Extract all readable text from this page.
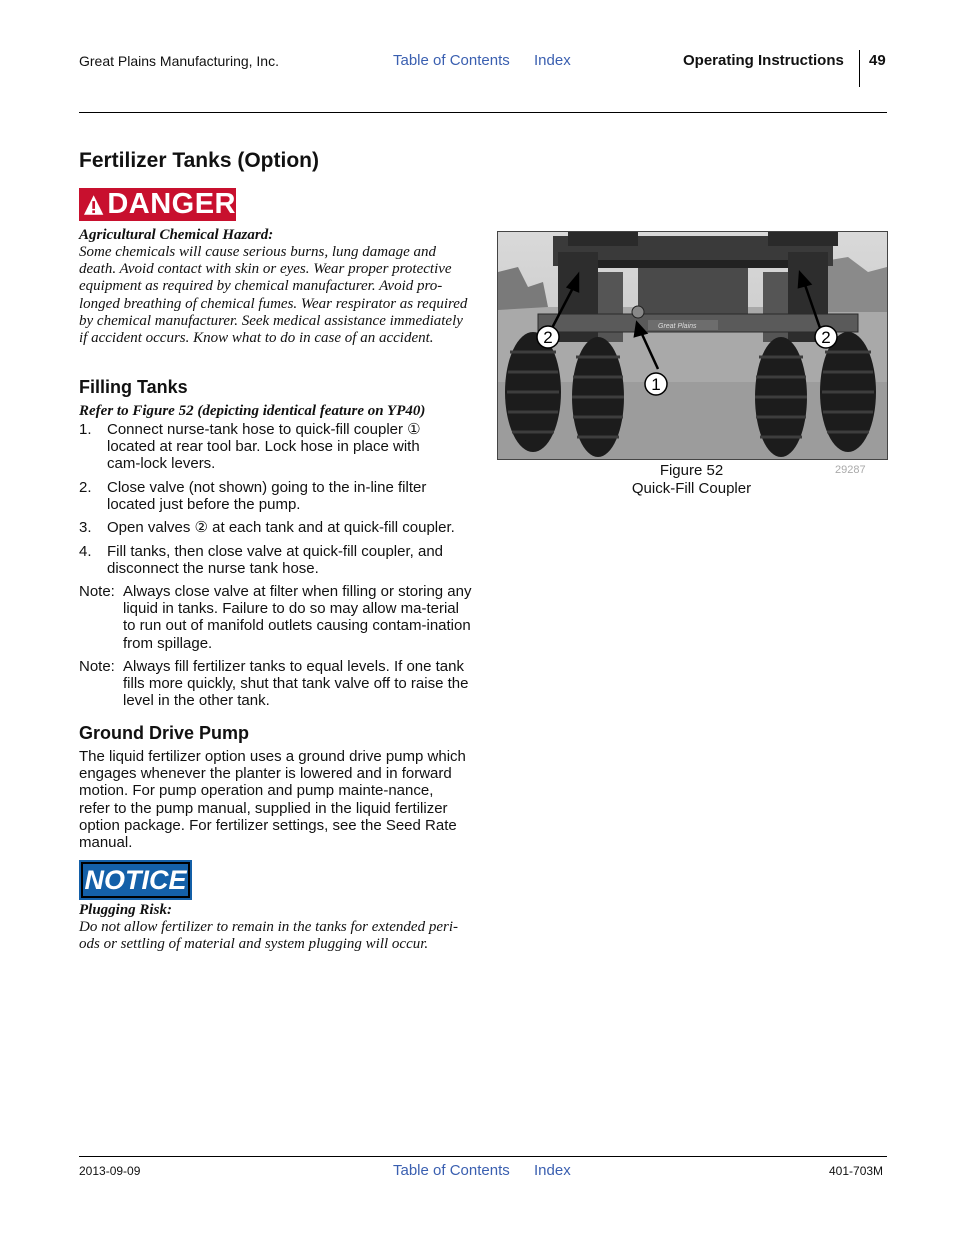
Great Plains Manufacturing, Inc.	Table of Contents Index	Operating Instructions 49
Fertilizer Tanks (Option)
DANGER
Agricultural Chemical Hazard:
Some chemicals will cause serious burns, lung damage and death. Avoid contact with skin or eyes. Wear proper protective equipment as required by chemical manufacturer. Avoid pro-longed breathing of chemical fumes. Wear respirator as required by chemical manufacturer. Seek medical assistance immediately if accident occurs. Know what to do in case of an accident.
Filling Tanks
Refer to Figure 52 (depicting identical feature on YP40)
1. Connect nurse-tank hose to quick-fill coupler ① located at rear tool bar. Lock hose in place with cam-lock levers.
2. Close valve (not shown) going to the in-line filter located just before the pump.
3. Open valves ② at each tank and at quick-fill coupler.
4. Fill tanks, then close valve at quick-fill coupler, and disconnect the nurse tank hose.
Note: Always close valve at filter when filling or storing any liquid in tanks. Failure to do so may allow ma-terial to run out of manifold outlets causing contam-ination from spillage.
Note: Always fill fertilizer tanks to equal levels. If one tank fills more quickly, shut that tank valve off to raise the level in the other tank.
Ground Drive Pump
The liquid fertilizer option uses a ground drive pump which engages whenever the planter is lowered and in forward motion. For pump operation and pump mainte-nance, refer to the pump manual, supplied in the liquid fertilizer option package. For fertilizer settings, see the Seed Rate manual.
NOTICE
Plugging Risk:
Do not allow fertilizer to remain in the tanks for extended peri-ods or settling of material and system plugging will occur.
Great Plains
2
1
2
Figure 52
Quick-Fill Coupler
29287
2013-09-09	Table of Contents Index	401-703M
